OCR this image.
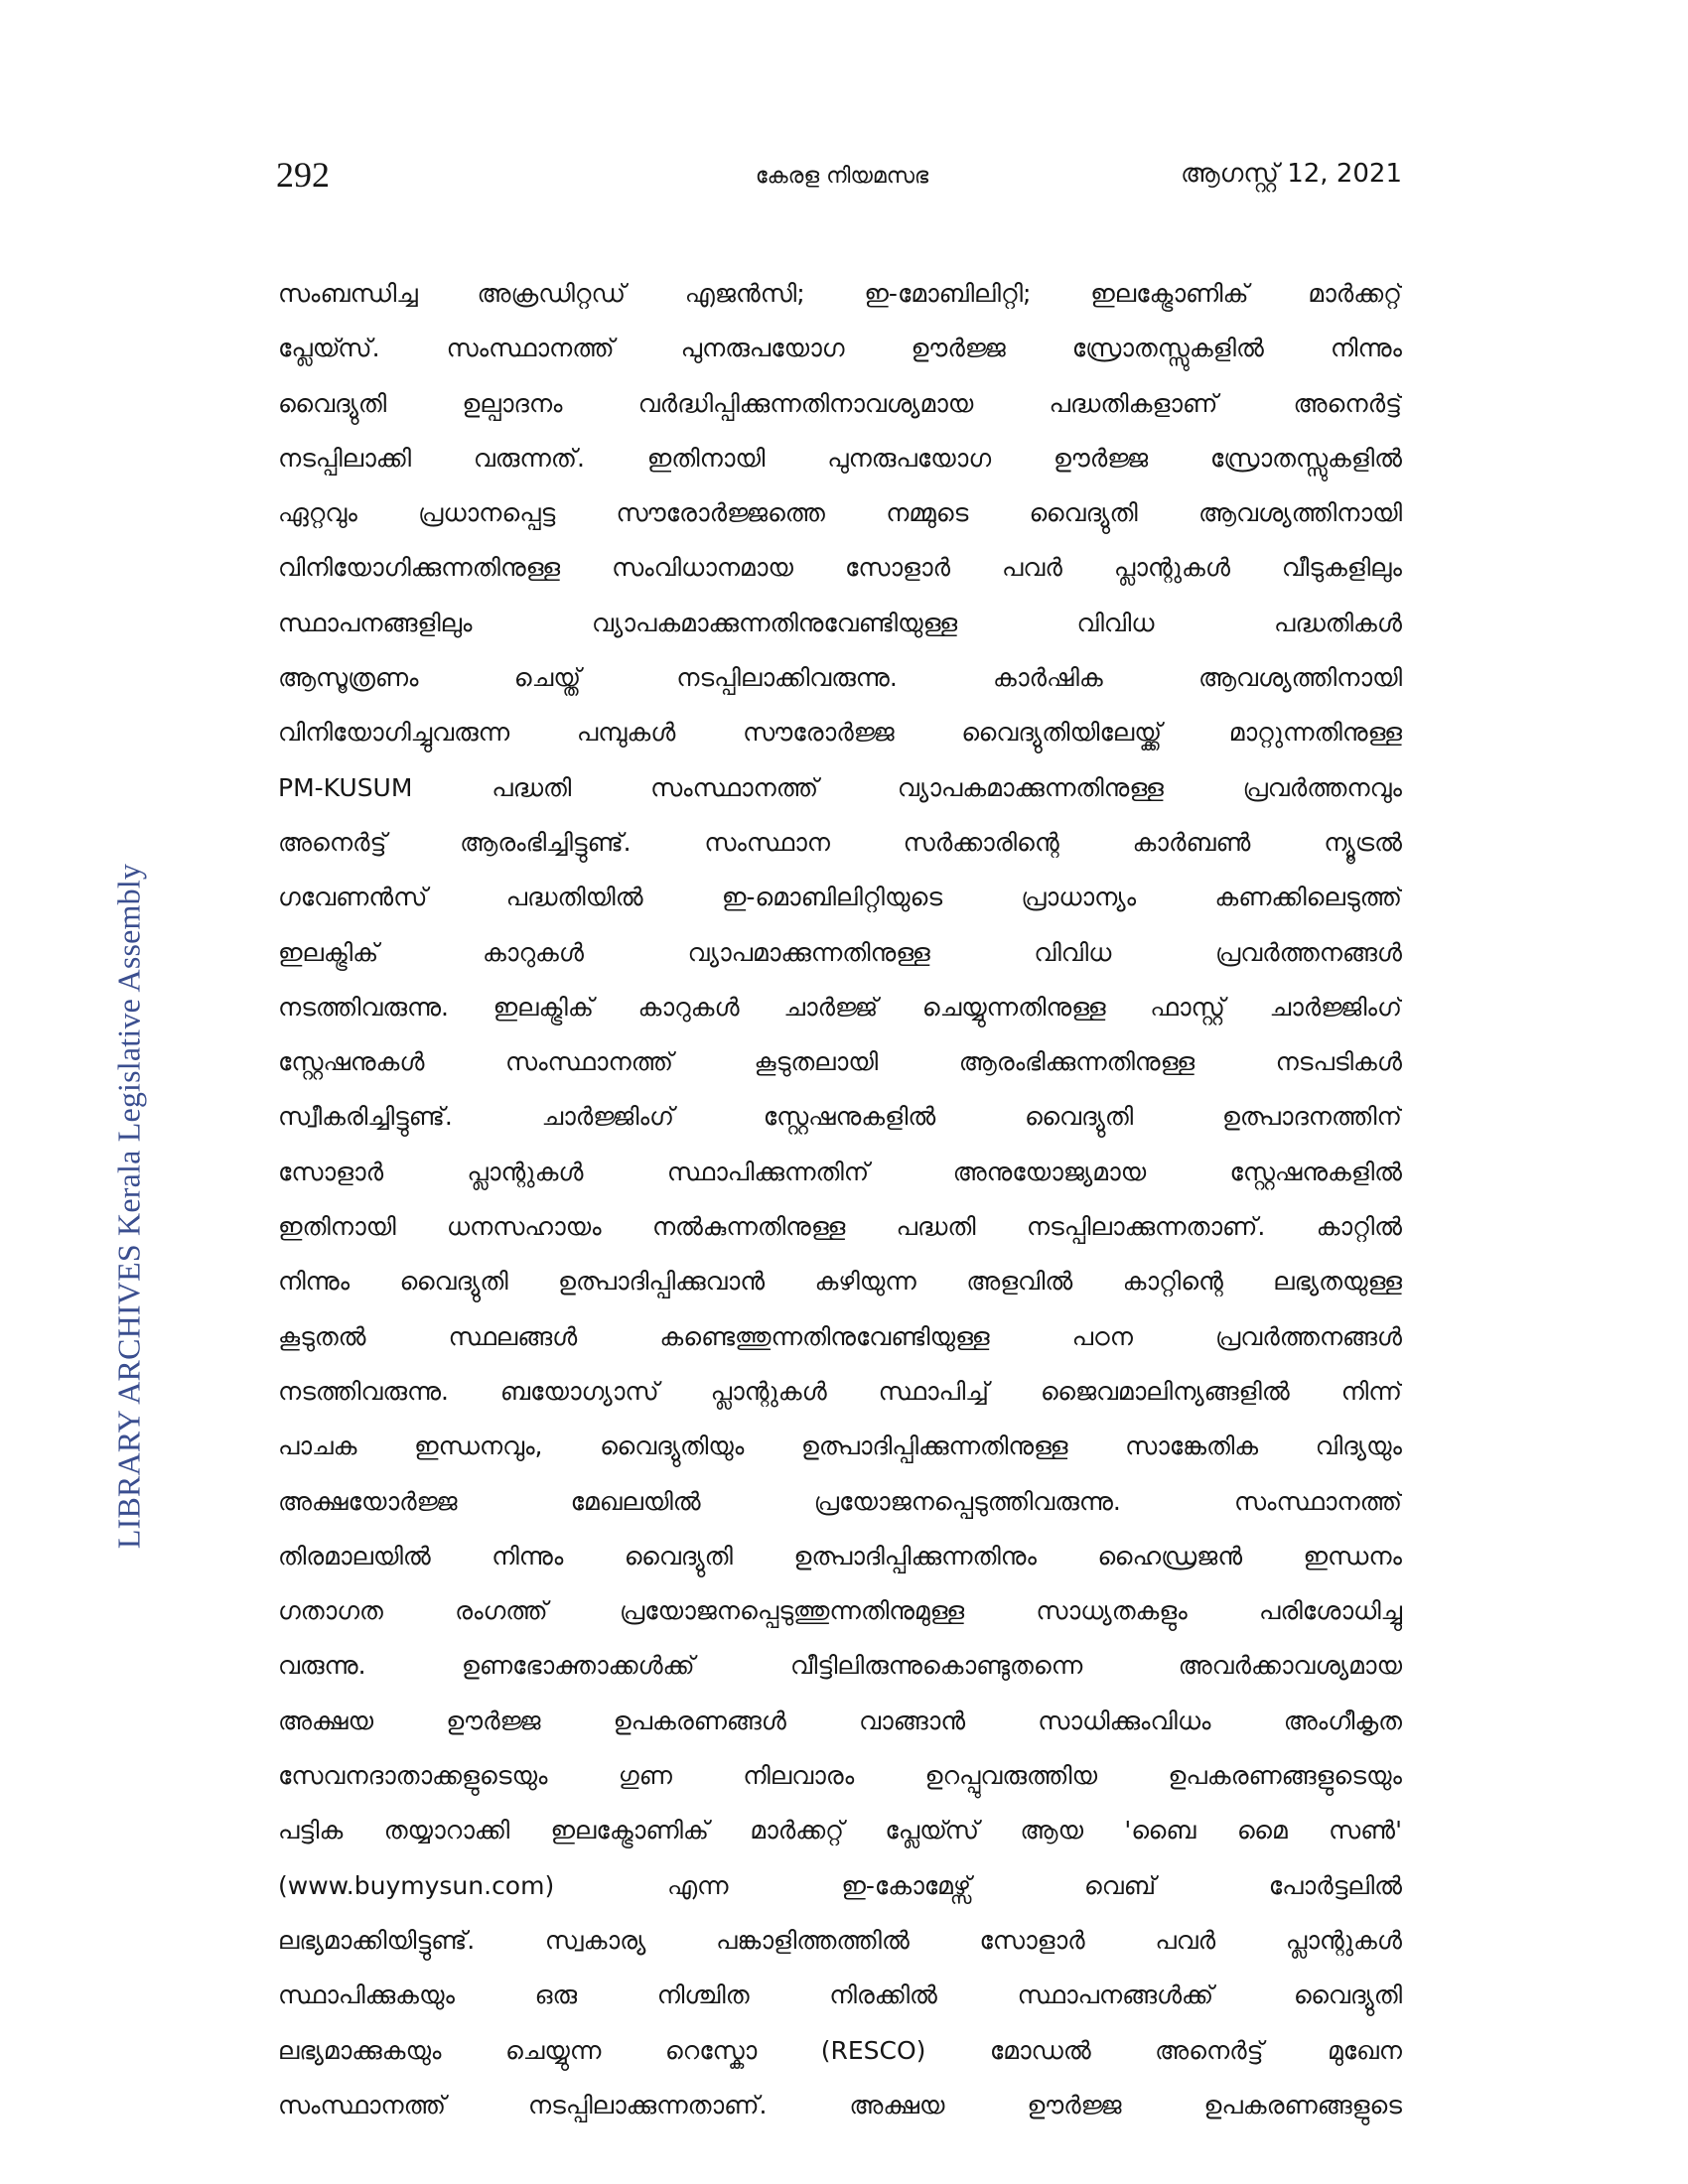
292	കേരള നിയമസഭ	ആഗസ്റ്റ് 12, 2021
LIBRARY ARCHIVES Kerala Legislative Assembly
സംബന്ധിച്ച അക്രഡിറ്റഡ് എജൻസി; ഇ-മോബിലിറ്റി; ഇലക്ട്രോണിക് മാർക്കറ്റ്
പ്ലേയ്സ്. സംസ്ഥാനത്ത് പുനരുപയോഗ ഊർജ്ജ സ്രോതസ്സുകളിൽ നിന്നും
വൈദ്യുതി ഉല്പാദനം വർദ്ധിപ്പിക്കുന്നതിനാവശ്യമായ പദ്ധതികളാണ് അനെർട്ട്
നടപ്പിലാക്കി വരുന്നത്. ഇതിനായി പുനരുപയോഗ ഊർജ്ജ സ്രോതസ്സുകളിൽ
ഏറ്റവും പ്രധാനപ്പെട്ട സൗരോർജ്ജത്തെ നമ്മുടെ വൈദ്യുതി ആവശ്യത്തിനായി
വിനിയോഗിക്കുന്നതിനുള്ള സംവിധാനമായ സോളാർ പവർ പ്ലാന്റുകൾ വീടുകളിലും
സ്ഥാപനങ്ങളിലും വ്യാപകമാക്കുന്നതിനുവേണ്ടിയുള്ള വിവിധ പദ്ധതികൾ
ആസൂത്രണം ചെയ്ത് നടപ്പിലാക്കിവരുന്നു. കാർഷിക ആവശ്യത്തിനായി
വിനിയോഗിച്ചുവരുന്ന പമ്പുകൾ സൗരോർജ്ജ വൈദ്യുതിയിലേയ്ക്ക് മാറ്റുന്നതിനുള്ള
PM-KUSUM പദ്ധതി സംസ്ഥാനത്ത് വ്യാപകമാക്കുന്നതിനുള്ള പ്രവർത്തനവും
അനെർട്ട് ആരംഭിച്ചിട്ടുണ്ട്. സംസ്ഥാന സർക്കാരിന്റെ കാർബൺ ന്യൂട്രൽ
ഗവേണൻസ് പദ്ധതിയിൽ ഇ-മൊബിലിറ്റിയുടെ പ്രാധാന്യം കണക്കിലെടുത്ത്
ഇലക്ട്രിക് കാറുകൾ വ്യാപമാക്കുന്നതിനുള്ള വിവിധ പ്രവർത്തനങ്ങൾ
നടത്തിവരുന്നു. ഇലക്ട്രിക് കാറുകൾ ചാർജ്ജ് ചെയ്യുന്നതിനുള്ള ഫാസ്റ്റ് ചാർജ്ജിംഗ്
സ്റ്റേഷനുകൾ സംസ്ഥാനത്ത് കൂടുതലായി ആരംഭിക്കുന്നതിനുള്ള നടപടികൾ
സ്വീകരിച്ചിട്ടുണ്ട്. ചാർജ്ജിംഗ് സ്റ്റേഷനുകളിൽ വൈദ്യുതി ഉത്പാദനത്തിന്
സോളാർ പ്ലാന്റുകൾ സ്ഥാപിക്കുന്നതിന് അനുയോജ്യമായ സ്റ്റേഷനുകളിൽ
ഇതിനായി ധനസഹായം നൽകുന്നതിനുള്ള പദ്ധതി നടപ്പിലാക്കുന്നതാണ്. കാറ്റിൽ
നിന്നും വൈദ്യുതി ഉത്പാദിപ്പിക്കുവാൻ കഴിയുന്ന അളവിൽ കാറ്റിന്റെ ലഭ്യതയുള്ള
കൂടുതൽ സ്ഥലങ്ങൾ കണ്ടെത്തുന്നതിനുവേണ്ടിയുള്ള പഠന പ്രവർത്തനങ്ങൾ
നടത്തിവരുന്നു. ബയോഗ്യാസ് പ്ലാന്റുകൾ സ്ഥാപിച്ച് ജൈവമാലിന്യങ്ങളിൽ നിന്ന്
പാചക ഇന്ധനവും, വൈദ്യുതിയും ഉത്പാദിപ്പിക്കുന്നതിനുള്ള സാങ്കേതിക വിദ്യയും
അക്ഷയോർജ്ജ മേഖലയിൽ പ്രയോജനപ്പെടുത്തിവരുന്നു. സംസ്ഥാനത്ത്
തിരമാലയിൽ നിന്നും വൈദ്യുതി ഉത്പാദിപ്പിക്കുന്നതിനും ഹൈഡ്രജൻ ഇന്ധനം
ഗതാഗത രംഗത്ത് പ്രയോജനപ്പെടുത്തുന്നതിനുമുള്ള സാധ്യതകളും പരിശോധിച്ചു
വരുന്നു. ഉണഭോക്താക്കൾക്ക് വീട്ടിലിരുന്നുകൊണ്ടുതന്നെ അവർക്കാവശ്യമായ
അക്ഷയ ഊർജ്ജ ഉപകരണങ്ങൾ വാങ്ങാൻ സാധിക്കുംവിധം അംഗീകൃത
സേവനദാതാക്കളുടെയും ഗുണ നിലവാരം ഉറപ്പുവരുത്തിയ ഉപകരണങ്ങളുടെയും
പട്ടിക തയ്യാറാക്കി ഇലക്ട്രോണിക് മാർക്കറ്റ് പ്ലേയ്സ് ആയ 'ബൈ മൈ സൺ'
(www.buymysun.com) എന്ന ഇ-കോമേഴ്സ് വെബ് പോർട്ടലിൽ
ലഭ്യമാക്കിയിട്ടുണ്ട്. സ്വകാര്യ പങ്കാളിത്തത്തിൽ സോളാർ പവർ പ്ലാന്റുകൾ
സ്ഥാപിക്കുകയും ഒരു നിശ്ചിത നിരക്കിൽ സ്ഥാപനങ്ങൾക്ക് വൈദ്യുതി
ലഭ്യമാക്കുകയും ചെയ്യുന്ന റെസ്കോ (RESCO) മോഡൽ അനെർട്ട് മുഖേന
സംസ്ഥാനത്ത് നടപ്പിലാക്കുന്നതാണ്. അക്ഷയ ഊർജ്ജ ഉപകരണങ്ങളുടെ
